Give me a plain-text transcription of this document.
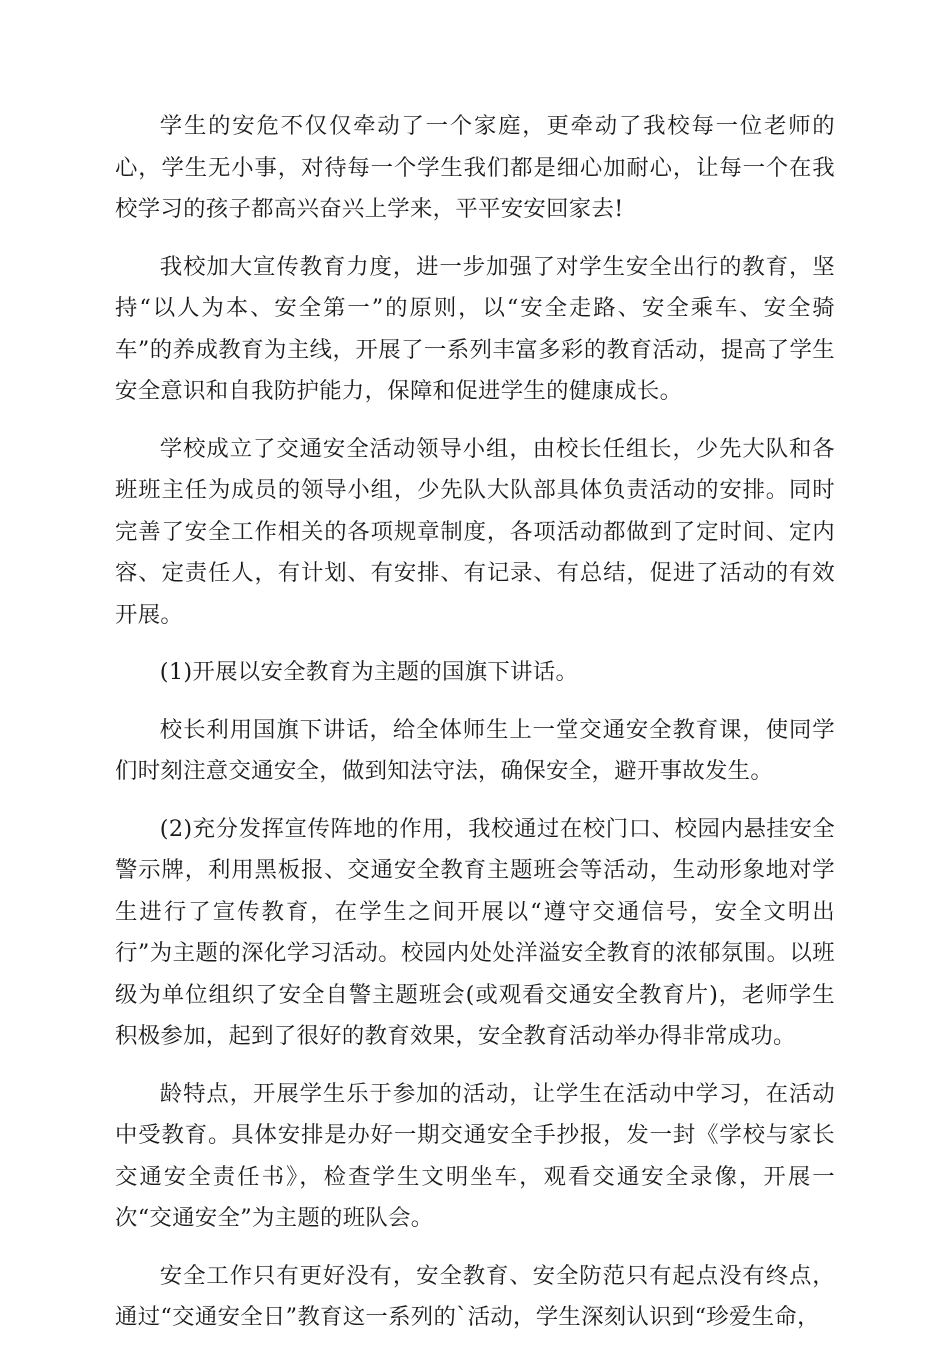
学生的安危不仅仅牵动了一个家庭，更牵动了我校每一位老师的心，学生无小事，对待每一个学生我们都是细心加耐心，让每一个在我校学习的孩子都高兴奋兴上学来，平平安安回家去!

我校加大宣传教育力度，进一步加强了对学生安全出行的教育，坚持“以人为本、安全第一”的原则，以“安全走路、安全乘车、安全骑车”的养成教育为主线，开展了一系列丰富多彩的教育活动，提高了学生安全意识和自我防护能力，保障和促进学生的健康成长。

学校成立了交通安全活动领导小组，由校长任组长，少先大队和各班班主任为成员的领导小组，少先队大队部具体负责活动的安排。同时完善了安全工作相关的各项规章制度，各项活动都做到了定时间、定内容、定责任人，有计划、有安排、有记录、有总结，促进了活动的有效开展。

(1)开展以安全教育为主题的国旗下讲话。

校长利用国旗下讲话，给全体师生上一堂交通安全教育课，使同学们时刻注意交通安全，做到知法守法，确保安全，避开事故发生。

(2)充分发挥宣传阵地的作用，我校通过在校门口、校园内悬挂安全警示牌，利用黑板报、交通安全教育主题班会等活动，生动形象地对学生进行了宣传教育，在学生之间开展以“遵守交通信号，安全文明出行”为主题的深化学习活动。校园内处处洋溢安全教育的浓郁氛围。以班级为单位组织了安全自警主题班会(或观看交通安全教育片)，老师学生积极参加，起到了很好的教育效果，安全教育活动举办得非常成功。

龄特点，开展学生乐于参加的活动，让学生在活动中学习，在活动中受教育。具体安排是办好一期交通安全手抄报，发一封《学校与家长交通安全责任书》，检查学生文明坐车，观看交通安全录像，开展一次“交通安全”为主题的班队会。

安全工作只有更好没有，安全教育、安全防范只有起点没有终点，通过“交通安全日”教育这一系列的`活动，学生深刻认识到“珍爱生命，
